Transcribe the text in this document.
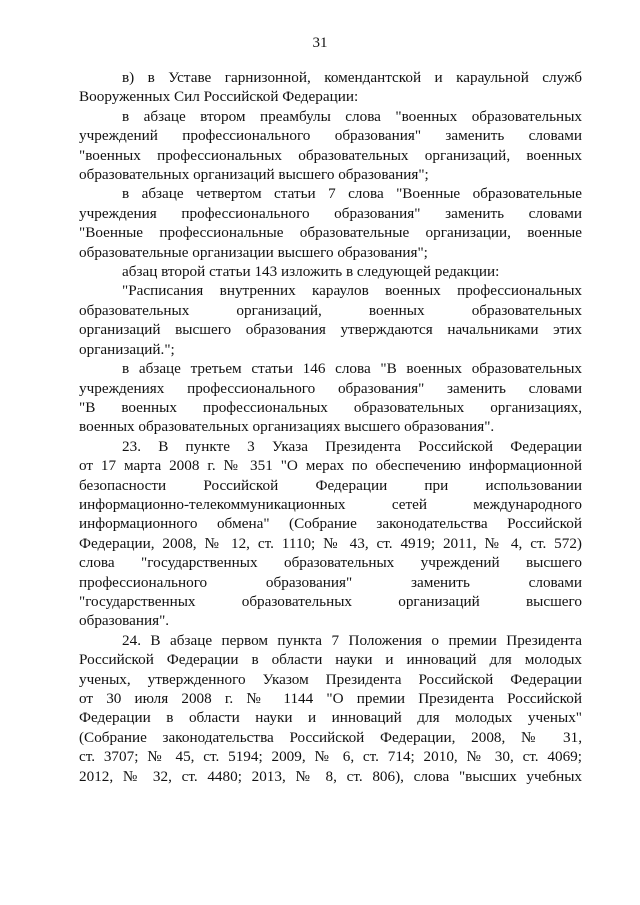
31

в) в Уставе гарнизонной, комендантской и караульной служб
Вооруженных Сил Российской Федерации:

в абзаце втором преамбулы слова "военных образовательных
учреждений профессионального образования" заменить словами
"военных профессиональных образовательных организаций, военных
образовательных организаций высшего образования";

в абзаце четвертом статьи 7 слова "Военные образовательные
учреждения профессионального образования" заменить словами
"Военные профессиональные образовательные организации, военные
образовательные организации высшего образования";

абзац второй статьи 143 изложить в следующей редакции:

"Расписания внутренних караулов военных профессиональных
образовательных организаций, военных образовательных
организаций высшего образования утверждаются начальниками этих
организаций.";

в абзаце третьем статьи 146 слова "В военных образовательных
учреждениях профессионального образования" заменить словами
"В военных профессиональных образовательных организациях,
военных образовательных организациях высшего образования".

23. В пункте 3 Указа Президента Российской Федерации
от 17 марта 2008 г. № 351 "О мерах по обеспечению информационной
безопасности Российской Федерации при использовании
информационно-телекоммуникационных сетей международного
информационного обмена" (Собрание законодательства Российской
Федерации, 2008, № 12, ст. 1110; № 43, ст. 4919; 2011, № 4, ст. 572)
слова "государственных образовательных учреждений высшего
профессионального образования" заменить словами
"государственных образовательных организаций высшего
образования".

24. В абзаце первом пункта 7 Положения о премии Президента
Российской Федерации в области науки и инноваций для молодых
ученых, утвержденного Указом Президента Российской Федерации
от 30 июля 2008 г. № 1144 "О премии Президента Российской
Федерации в области науки и инноваций для молодых ученых"
(Собрание законодательства Российской Федерации, 2008, № 31,
ст. 3707; № 45, ст. 5194; 2009, № 6, ст. 714; 2010, № 30, ст. 4069;
2012, № 32, ст. 4480; 2013, № 8, ст. 806), слова "высших учебных
